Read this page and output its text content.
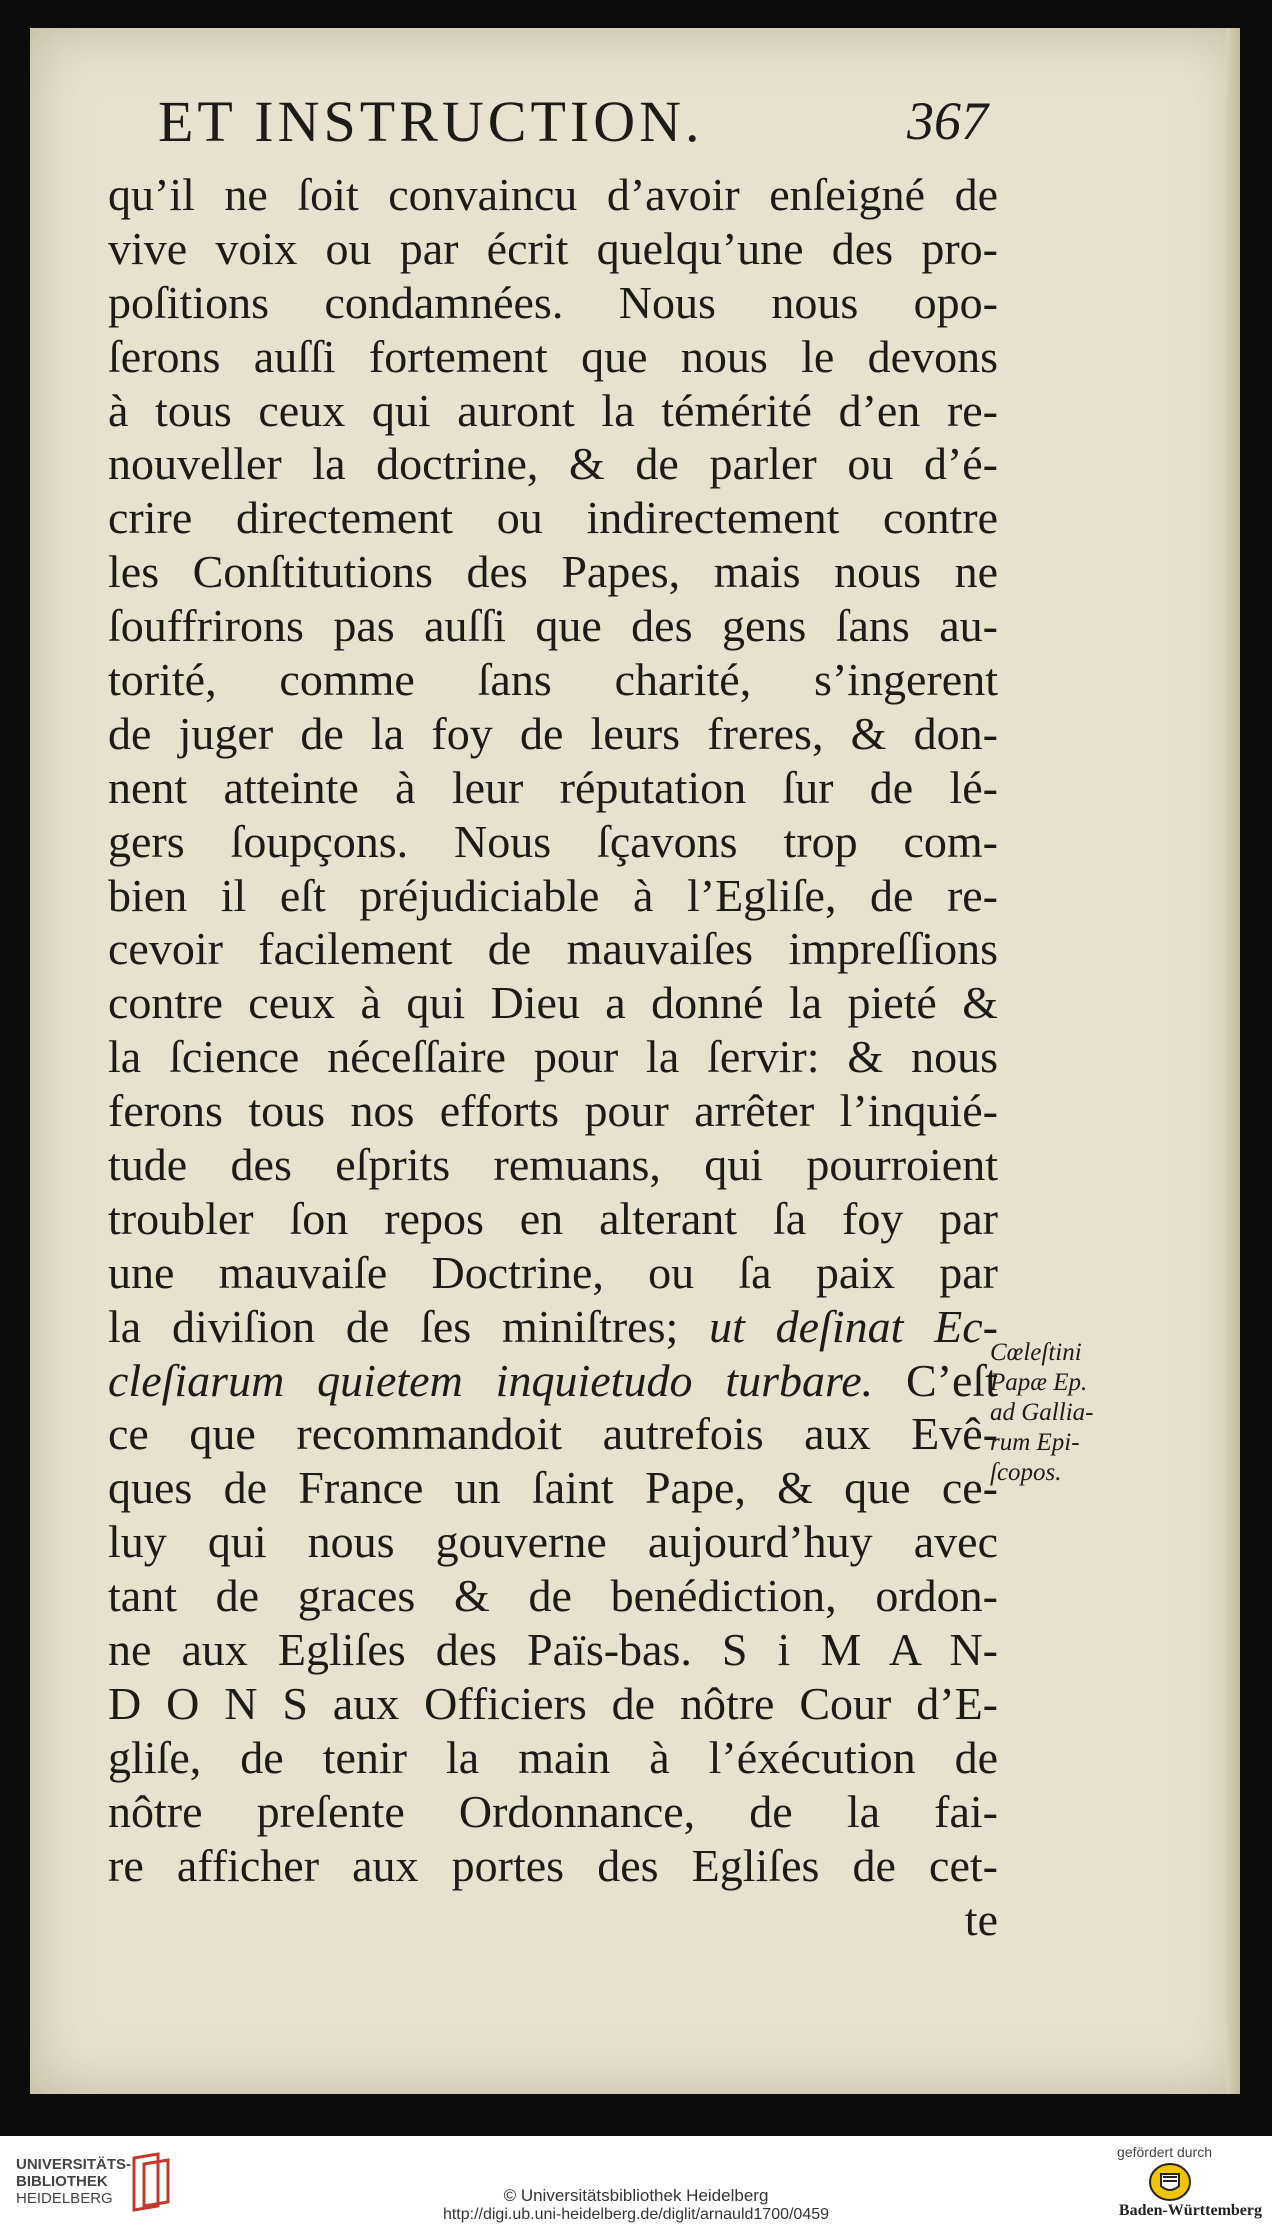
ET INSTRUCTION.	367
qu’il ne ſoit convaincu d’avoir enſeigné de
vive voix ou par écrit quelqu’une des pro-
poſitions condamnées. Nous nous opo-
ſerons auſſi fortement que nous le devons
à tous ceux qui auront la témérité d’en re-
nouveller la doctrine, & de parler ou d’é-
crire directement ou indirectement contre
les Conſtitutions des Papes, mais nous ne
ſouffrirons pas auſſi que des gens ſans au-
torité, comme ſans charité, s’ingerent
de juger de la foy de leurs freres, & don-
nent atteinte à leur réputation ſur de lé-
gers ſoupçons. Nous ſçavons trop com-
bien il eſt préjudiciable à l’Egliſe, de re-
cevoir facilement de mauvaiſes impreſſions
contre ceux à qui Dieu a donné la pieté &
la ſcience néceſſaire pour la ſervir: & nous
ferons tous nos efforts pour arrêter l’inquié-
tude des eſprits remuans, qui pourroient
troubler ſon repos en alterant ſa foy par
une mauvaiſe Doctrine, ou ſa paix par
la diviſion de ſes miniſtres; ut deſinat Ec-
cleſiarum quietem inquietudo turbare. C’eſt
ce que recommandoit autrefois aux Evê-
ques de France un ſaint Pape, & que ce-
luy qui nous gouverne aujourd’huy avec
tant de graces & de benédiction, ordon-
ne aux Egliſes des Païs-bas. S i M A N-
D O N S aux Officiers de nôtre Cour d’E-
gliſe, de tenir la main à l’éxécution de
nôtre preſente Ordonnance, de la fai-
re afficher aux portes des Egliſes de cet-
te
Cœleſtini
Papæ Ep.
ad Gallia-
rum Epi-
ſcopos.
UNIVERSITÄTS-
BIBLIOTHEK
HEIDELBERG	© Universitätsbibliothek Heidelberg
http://digi.ub.uni-heidelberg.de/diglit/arnauld1700/0459
gefördert durch
Baden-Württemberg
